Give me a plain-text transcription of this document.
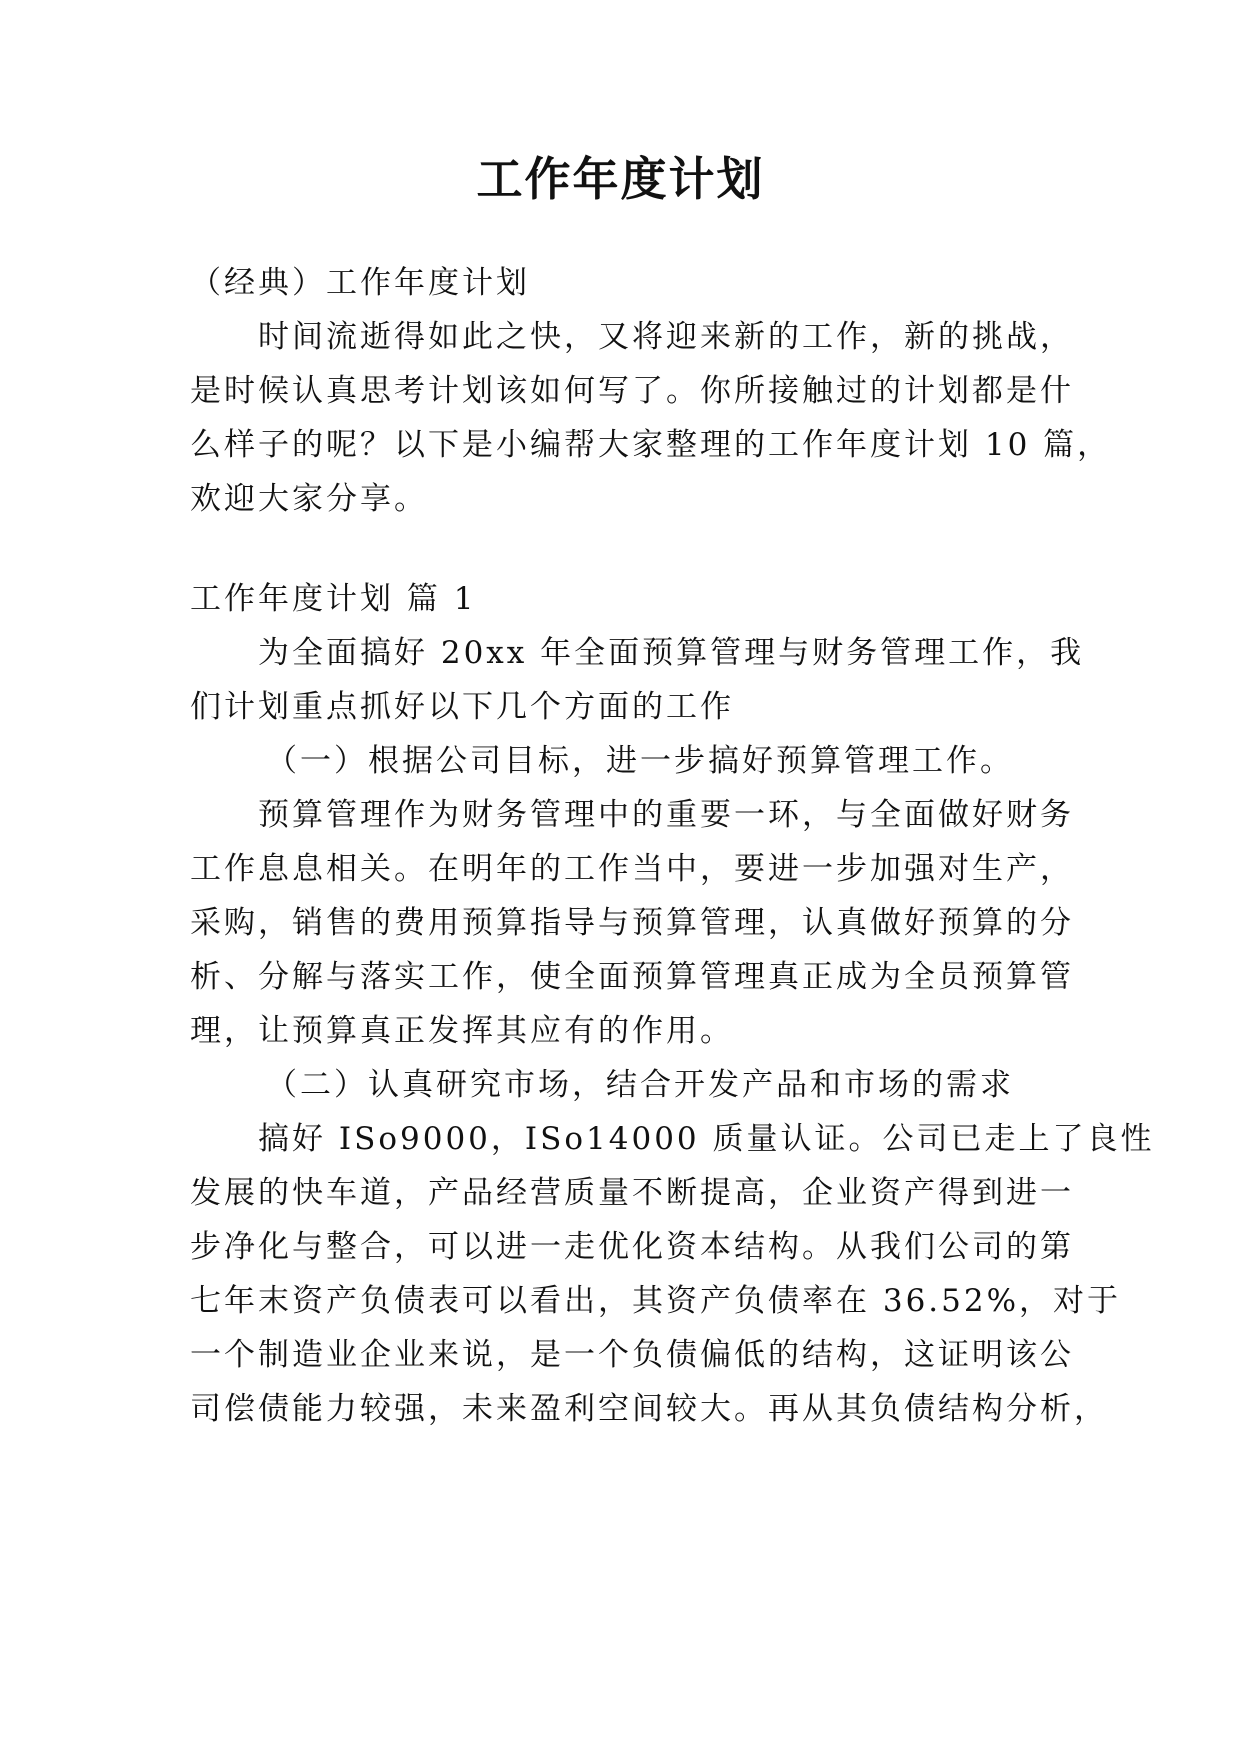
工作年度计划

（经典）工作年度计划

时间流逝得如此之快，又将迎来新的工作，新的挑战，

是时候认真思考计划该如何写了。你所接触过的计划都是什

么样子的呢？以下是小编帮大家整理的工作年度计划 10 篇，

欢迎大家分享。

工作年度计划 篇 1

为全面搞好 20xx 年全面预算管理与财务管理工作，我

们计划重点抓好以下几个方面的工作

（一）根据公司目标，进一步搞好预算管理工作。

预算管理作为财务管理中的重要一环，与全面做好财务

工作息息相关。在明年的工作当中，要进一步加强对生产，

采购，销售的费用预算指导与预算管理，认真做好预算的分

析、分解与落实工作，使全面预算管理真正成为全员预算管

理，让预算真正发挥其应有的作用。

（二）认真研究市场，结合开发产品和市场的需求

搞好 ISo9000，ISo14000 质量认证。公司已走上了良性

发展的快车道，产品经营质量不断提高，企业资产得到进一

步净化与整合，可以进一走优化资本结构。从我们公司的第

七年末资产负债表可以看出，其资产负债率在 36.52%，对于

一个制造业企业来说，是一个负债偏低的结构，这证明该公

司偿债能力较强，未来盈利空间较大。再从其负债结构分析，
